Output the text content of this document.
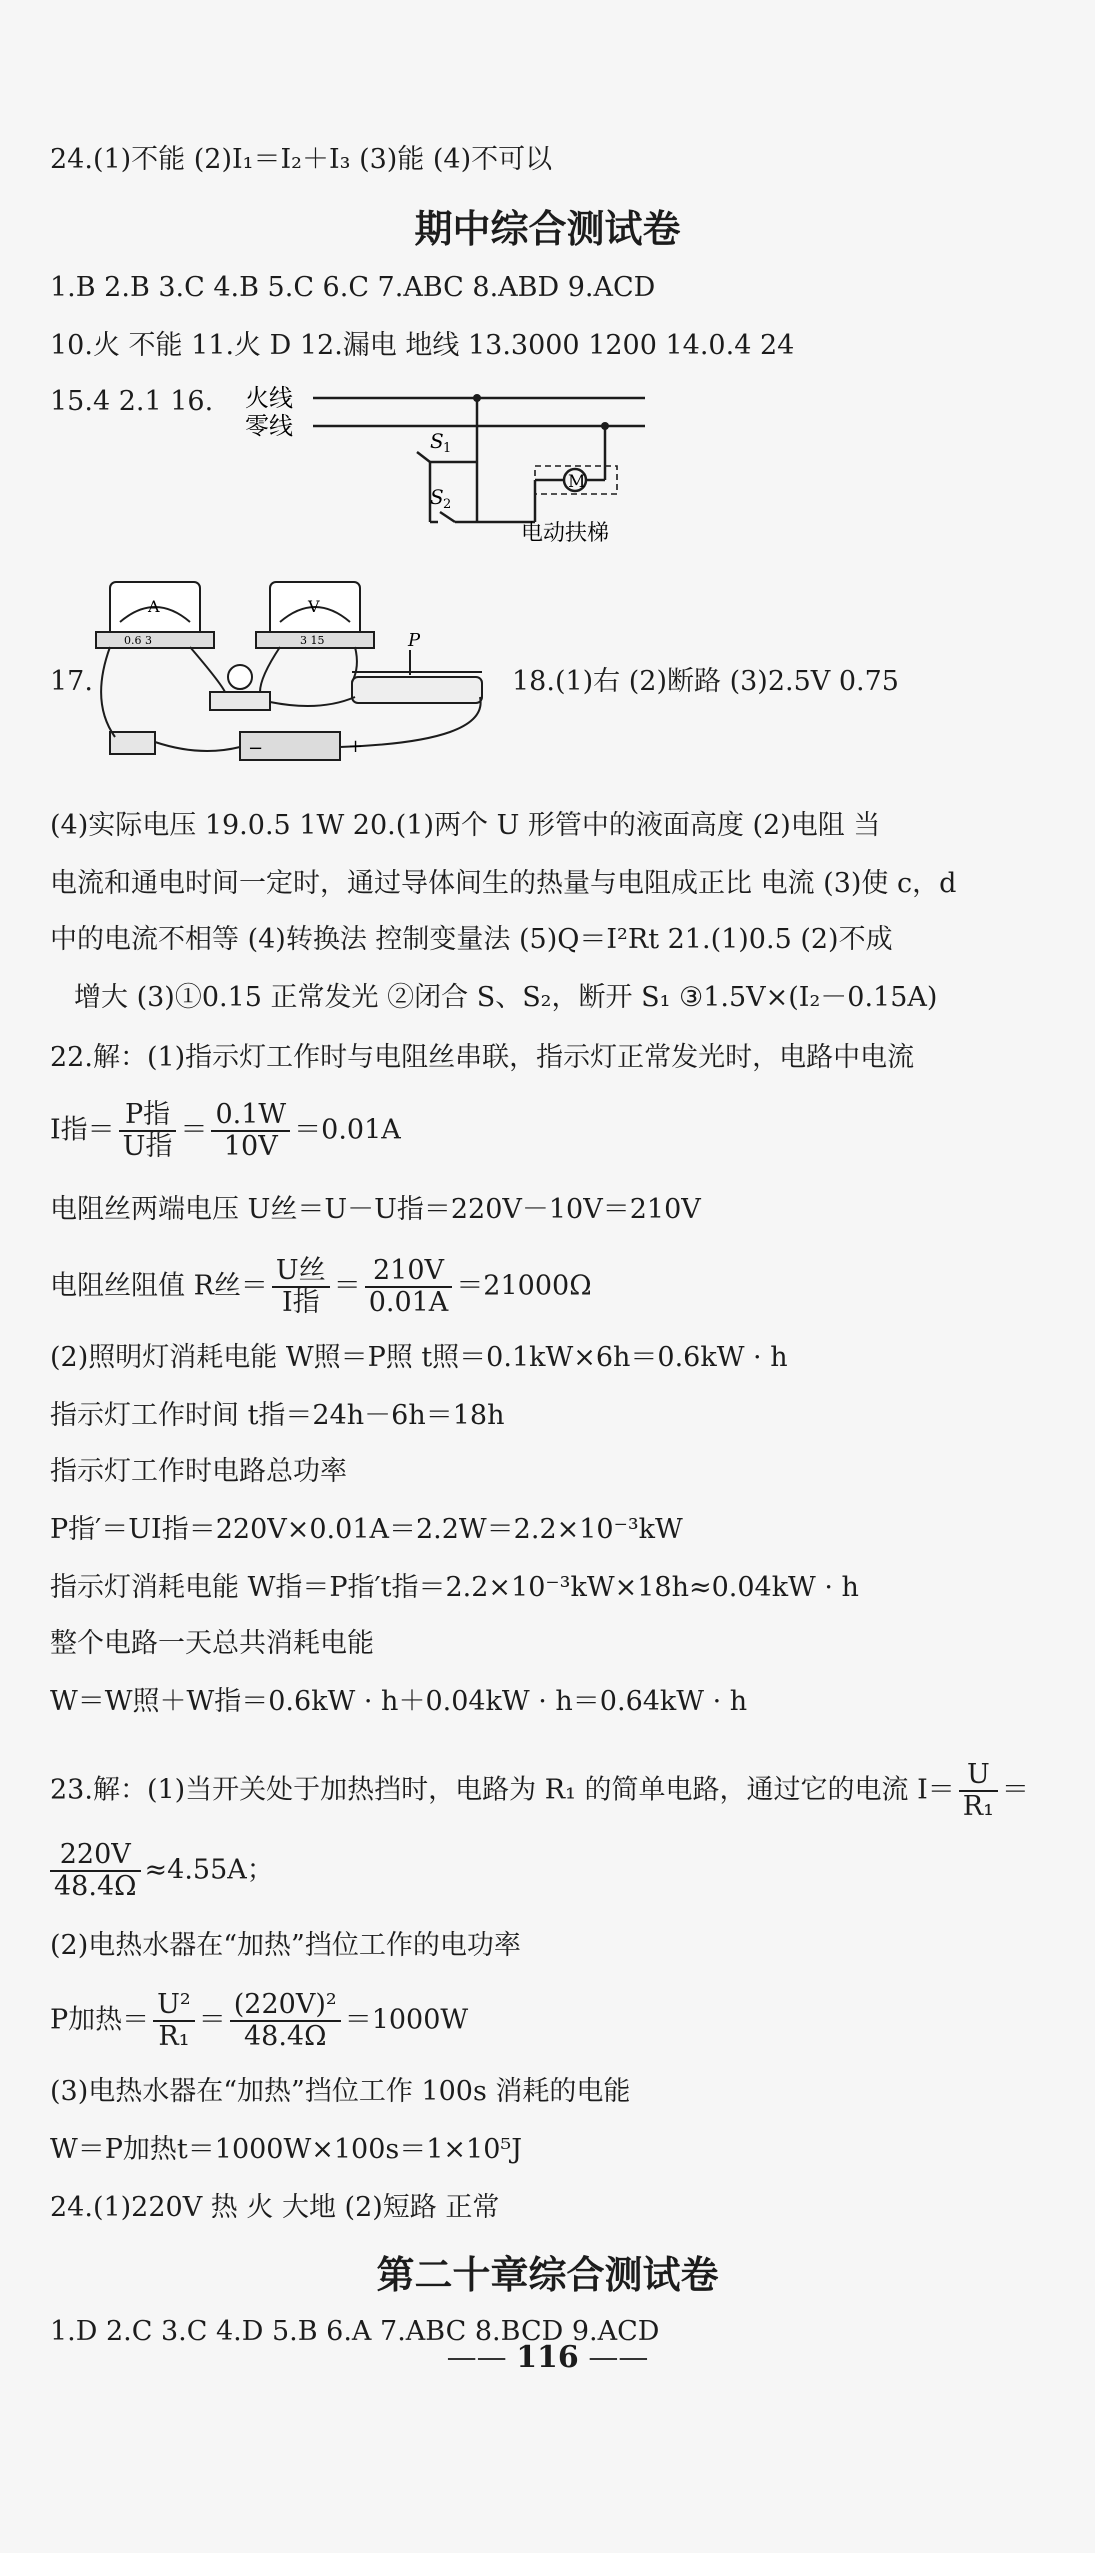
24.(1)不能 (2)I₁＝I₂＋I₃ (3)能 (4)不可以
期中综合测试卷
1.B 2.B 3.C 4.B 5.C 6.C 7.ABC 8.ABD 9.ACD
10.火 不能 11.火 D 12.漏电 地线 13.3000 1200 14.0.4 24
15.4 2.1 16. 火线
零线
S 1
S 2
M
电动扶梯
17.
A	V
0.6 3	3 15	P
−	+
18.(1)右 (2)断路 (3)2.5V 0.75
(4)实际电压 19.0.5 1W 20.(1)两个 U 形管中的液面高度 (2)电阻 当
电流和通电时间一定时，通过导体间生的热量与电阻成正比 电流 (3)使 c，d
中的电流不相等 (4)转换法 控制变量法 (5)Q＝I²Rt 21.(1)0.5 (2)不成
增大 (3)①0.15 正常发光 ②闭合 S、S₂，断开 S₁ ③1.5V×(I₂－0.15A)
22.解：(1)指示灯工作时与电阻丝串联，指示灯正常发光时，电路中电流
I指＝ $\frac{\text{P指}}{\text{U指}} = \frac{0.1W}{10V} =0.01A$
电阻丝两端电压 U丝＝U－U指＝220V－10V＝210V
电阻丝阻值 R丝＝ $\frac{\text{U丝}}{\text{I指}} = \frac{210V}{0.01A} =21000\Omega$
(2)照明灯消耗电能 W照＝P照 t照＝0.1kW×6h＝0.6kW · h
指示灯工作时间 t指＝24h－6h＝18h
指示灯工作时电路总功率
P指′＝UI指＝220V×0.01A＝2.2W＝2.2×10⁻³kW
指示灯消耗电能 W指＝P指′t指＝2.2×10⁻³kW×18h≈0.04kW · h
整个电路一天总共消耗电能
W＝W照＋W指＝0.6kW · h＋0.04kW · h＝0.64kW · h
23.解：(1)当开关处于加热挡时，电路为 R₁ 的简单电路，通过它的电流 $I= \frac{U}{\text{R₁}}$ ＝
$\frac{220V}{48.4\Omega} \approx 4.55A$；
(2)电热水器在“加热”挡位工作的电功率
P加热＝ $\frac{\text{U²}}{\text{R₁}} = \frac{\text{(220V)²}}{48.4\Omega} =1000W$
(3)电热水器在“加热”挡位工作 100s 消耗的电能
W＝P加热t＝1000W×100s＝1×10⁵J
24.(1)220V 热 火 大地 (2)短路 正常
第二十章综合测试卷
1.D 2.C 3.C 4.D 5.B 6.A 7.ABC 8.BCD 9.ACD
—— 116 ——
